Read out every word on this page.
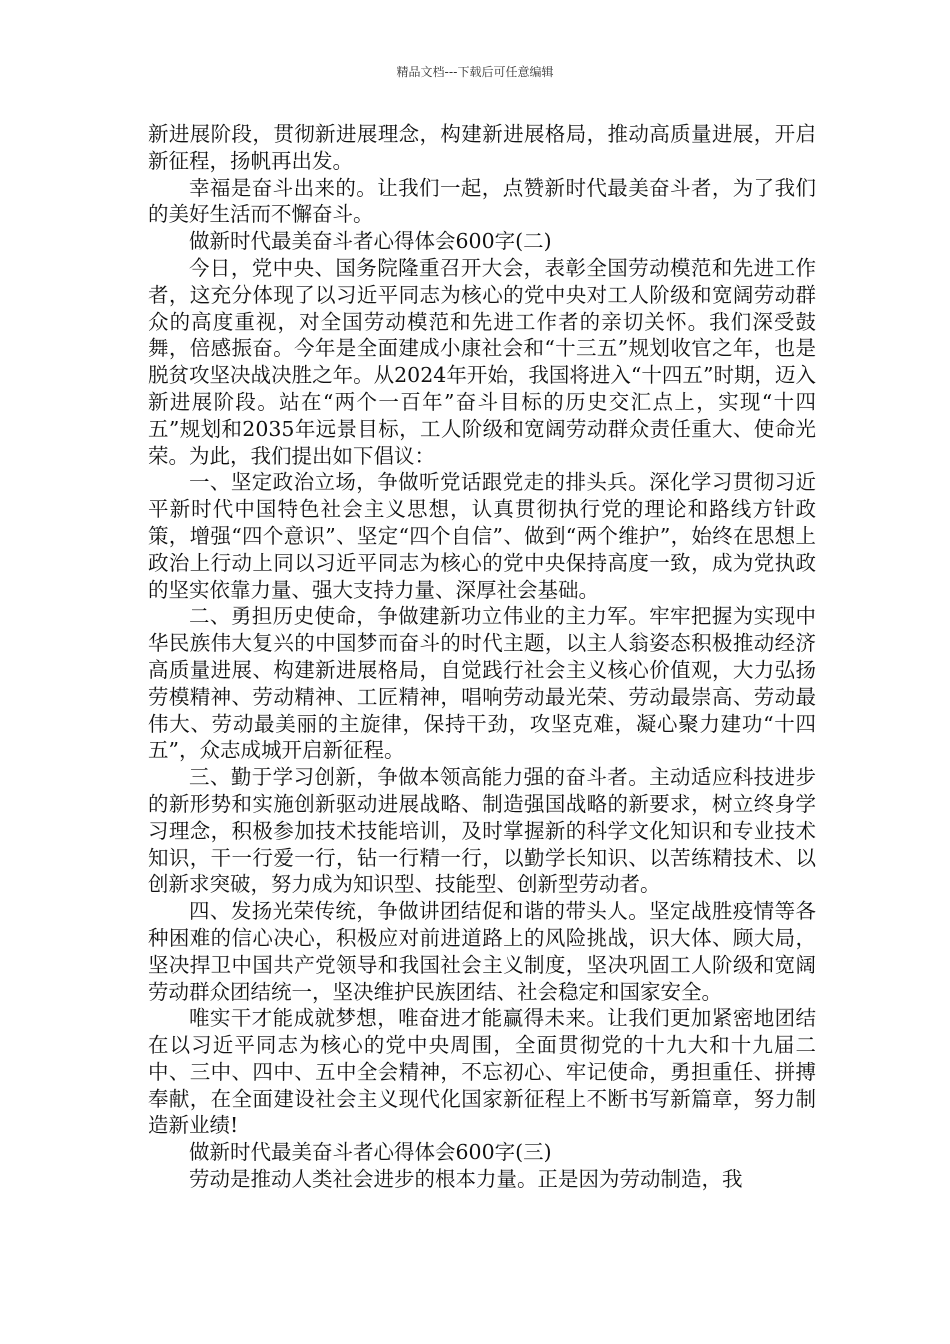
精品文档---下载后可任意编辑

新进展阶段，贯彻新进展理念，构建新进展格局，推动高质量进展，开启新征程，扬帆再出发。

幸福是奋斗出来的。让我们一起，点赞新时代最美奋斗者，为了我们的美好生活而不懈奋斗。

做新时代最美奋斗者心得体会600字(二)

今日，党中央、国务院隆重召开大会，表彰全国劳动模范和先进工作者，这充分体现了以习近平同志为核心的党中央对工人阶级和宽阔劳动群众的高度重视，对全国劳动模范和先进工作者的亲切关怀。我们深受鼓舞，倍感振奋。今年是全面建成小康社会和“十三五”规划收官之年，也是脱贫攻坚决战决胜之年。从2024年开始，我国将进入“十四五”时期，迈入新进展阶段。站在“两个一百年”奋斗目标的历史交汇点上，实现“十四五”规划和2035年远景目标，工人阶级和宽阔劳动群众责任重大、使命光荣。为此，我们提出如下倡议：

一、坚定政治立场，争做听党话跟党走的排头兵。深化学习贯彻习近平新时代中国特色社会主义思想，认真贯彻执行党的理论和路线方针政策，增强“四个意识”、坚定“四个自信”、做到“两个维护”，始终在思想上政治上行动上同以习近平同志为核心的党中央保持高度一致，成为党执政的坚实依靠力量、强大支持力量、深厚社会基础。

二、勇担历史使命，争做建新功立伟业的主力军。牢牢把握为实现中华民族伟大复兴的中国梦而奋斗的时代主题，以主人翁姿态积极推动经济高质量进展、构建新进展格局，自觉践行社会主义核心价值观，大力弘扬劳模精神、劳动精神、工匠精神，唱响劳动最光荣、劳动最崇高、劳动最伟大、劳动最美丽的主旋律，保持干劲，攻坚克难，凝心聚力建功“十四五”，众志成城开启新征程。

三、勤于学习创新，争做本领高能力强的奋斗者。主动适应科技进步的新形势和实施创新驱动进展战略、制造强国战略的新要求，树立终身学习理念，积极参加技术技能培训，及时掌握新的科学文化知识和专业技术知识，干一行爱一行，钻一行精一行，以勤学长知识、以苦练精技术、以创新求突破，努力成为知识型、技能型、创新型劳动者。

四、发扬光荣传统，争做讲团结促和谐的带头人。坚定战胜疫情等各种困难的信心决心，积极应对前进道路上的风险挑战，识大体、顾大局，坚决捍卫中国共产党领导和我国社会主义制度，坚决巩固工人阶级和宽阔劳动群众团结统一，坚决维护民族团结、社会稳定和国家安全。

唯实干才能成就梦想，唯奋进才能赢得未来。让我们更加紧密地团结在以习近平同志为核心的党中央周围，全面贯彻党的十九大和十九届二中、三中、四中、五中全会精神，不忘初心、牢记使命，勇担重任、拼搏奉献，在全面建设社会主义现代化国家新征程上不断书写新篇章，努力制造新业绩!

做新时代最美奋斗者心得体会600字(三)

劳动是推动人类社会进步的根本力量。正是因为劳动制造，我
